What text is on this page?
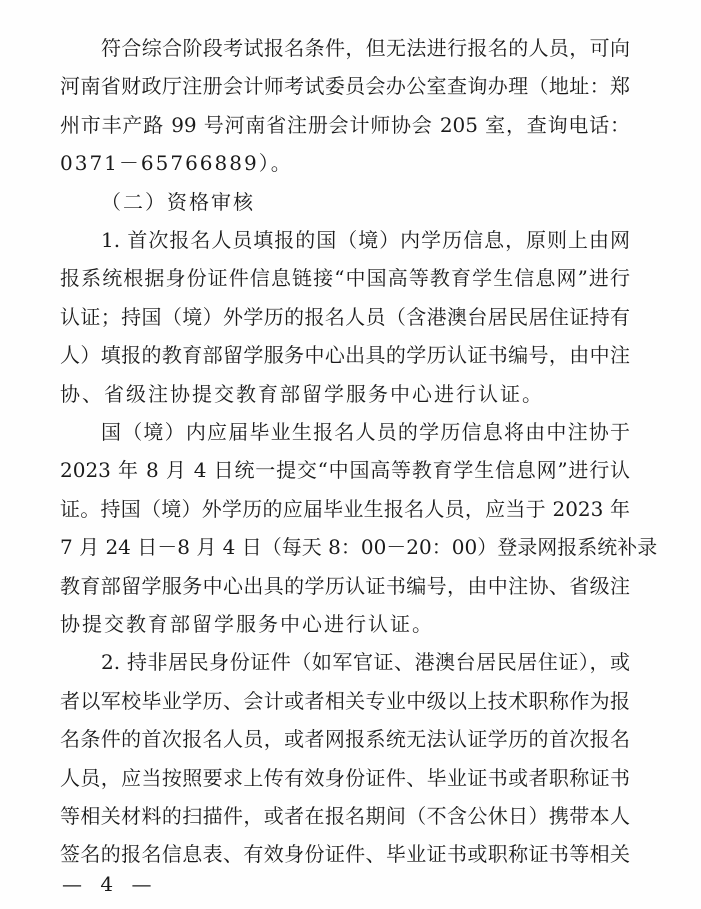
符合综合阶段考试报名条件，但无法进行报名的人员，可向
河南省财政厅注册会计师考试委员会办公室查询办理（地址：郑
州市丰产路 99 号河南省注册会计师协会 205 室，查询电话：
0371－65766889）。
（二）资格审核
1. 首次报名人员填报的国（境）内学历信息，原则上由网
报系统根据身份证件信息链接“中国高等教育学生信息网”进行
认证；持国（境）外学历的报名人员（含港澳台居民居住证持有
人）填报的教育部留学服务中心出具的学历认证书编号，由中注
协、省级注协提交教育部留学服务中心进行认证。
国（境）内应届毕业生报名人员的学历信息将由中注协于
2023 年 8 月 4 日统一提交“中国高等教育学生信息网”进行认
证。持国（境）外学历的应届毕业生报名人员，应当于 2023 年
7 月 24 日－8 月 4 日（每天 8：00－20：00）登录网报系统补录
教育部留学服务中心出具的学历认证书编号，由中注协、省级注
协提交教育部留学服务中心进行认证。
2. 持非居民身份证件（如军官证、港澳台居民居住证），或
者以军校毕业学历、会计或者相关专业中级以上技术职称作为报
名条件的首次报名人员，或者网报系统无法认证学历的首次报名
人员，应当按照要求上传有效身份证件、毕业证书或者职称证书
等相关材料的扫描件，或者在报名期间（不含公休日）携带本人
签名的报名信息表、有效身份证件、毕业证书或职称证书等相关
— 4 —
